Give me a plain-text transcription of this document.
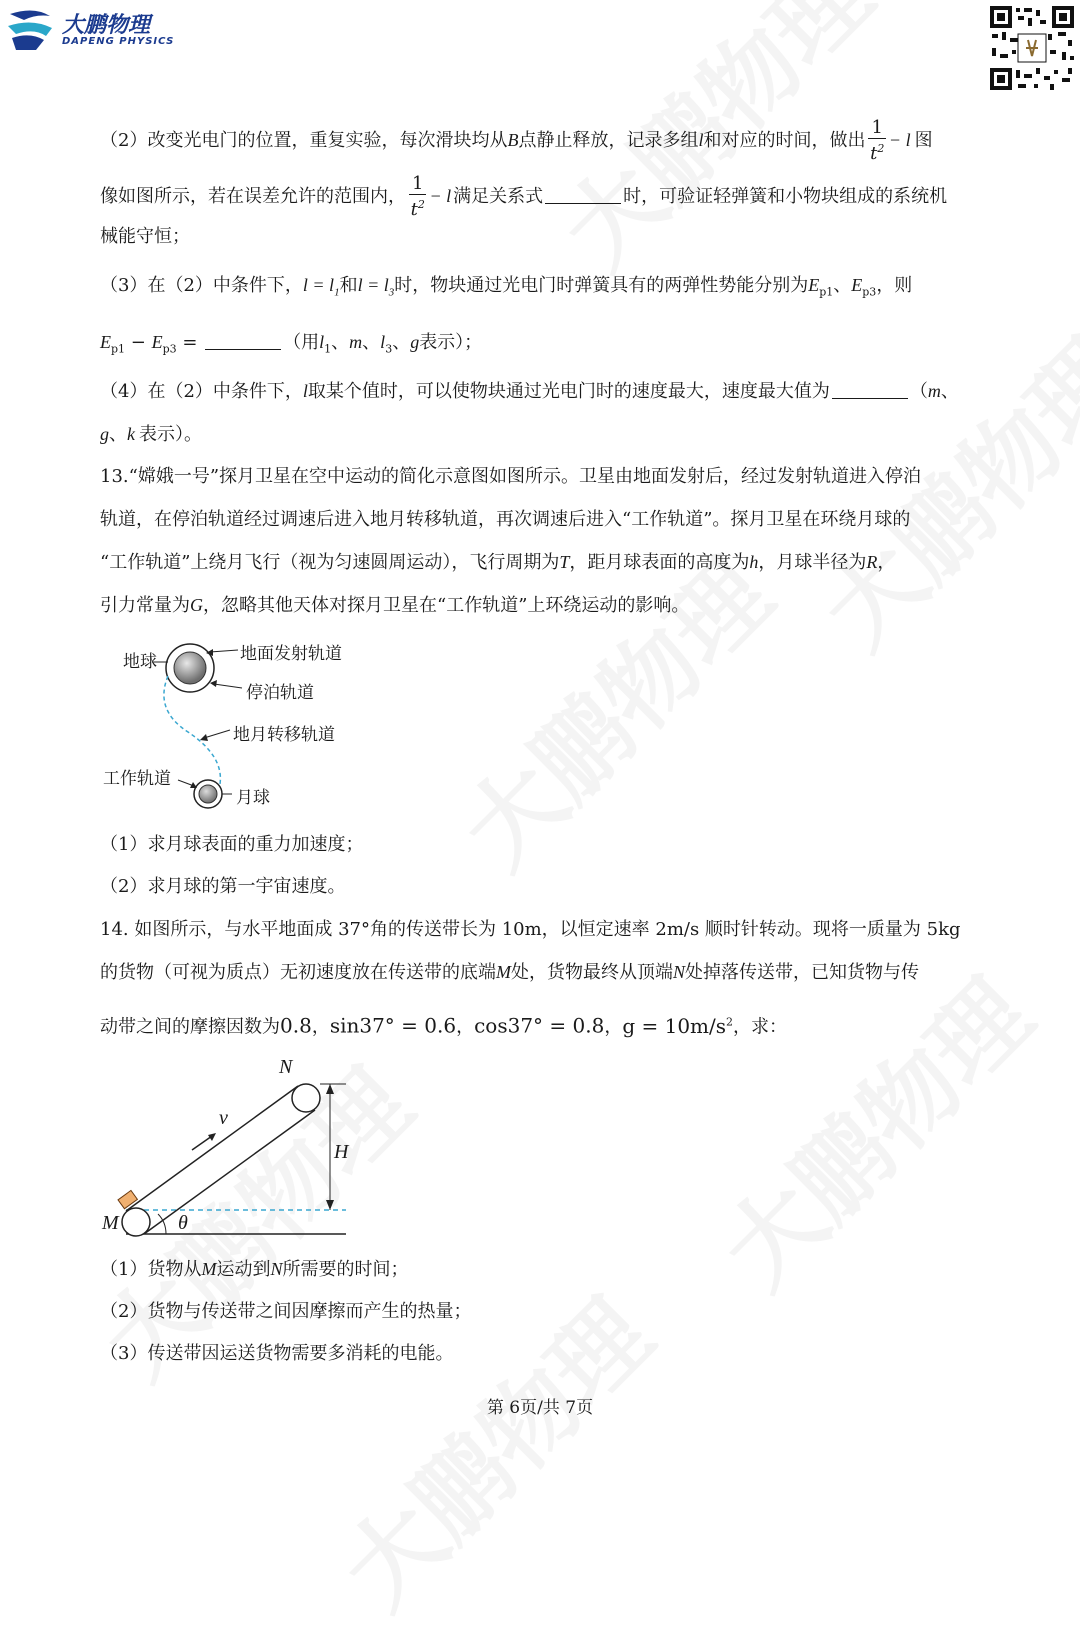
大鹏物理
DAPENG PHYSICS
（2）改变光电门的位置，重复实验，每次滑块均从B点静止释放，记录多组l和对应的时间，做出 $\frac{1}{t^2} - l$ 图
像如图所示，若在误差允许的范围内， $\frac{1}{t^2} - l$ 满足关系式	时，可验证轻弹簧和小物块组成的系统机
械能守恒；
（3）在（2）中条件下，$l = l_1$和$l = l_3$时，物块通过光电门时弹簧具有的两弹性势能分别为$E_{p1}$、$E_{p3}$，则
$E_{p1} - E_{p3}$ =	（用$l_1$、m、$l_3$、g表示）；
（4）在（2）中条件下，l取某个值时，可以使物块通过光电门时的速度最大，速度最大值为	（m、
g、k 表示）。
13.“嫦娥一号”探月卫星在空中运动的简化示意图如图所示。卫星由地面发射后，经过发射轨道进入停泊
轨道，在停泊轨道经过调速后进入地月转移轨道，再次调速后进入“工作轨道”。探月卫星在环绕月球的
“工作轨道”上绕月飞行（视为匀速圆周运动），飞行周期为T，距月球表面的高度为h，月球半径为R，
引力常量为G，忽略其他天体对探月卫星在“工作轨道”上环绕运动的影响。
地球	地面发射轨道
停泊轨道
地月转移轨道
工作轨道
月球
（1）求月球表面的重力加速度；
（2）求月球的第一宇宙速度。
14. 如图所示，与水平地面成 37°角的传送带长为 10m，以恒定速率 2m/s 顺时针转动。现将一质量为 5kg
的货物（可视为质点）无初速度放在传送带的底端M处，货物最终从顶端N处掉落传送带，已知货物与传
动带之间的摩擦因数为0.8，sin37° = 0.6，cos37° = 0.8，$g = 10m/s^2$，求：
N
M
v
H
θ
（1）货物从M运动到N所需要的时间；
（2）货物与传送带之间因摩擦而产生的热量；
（3）传送带因运送货物需要多消耗的电能。
第 6页/共 7页
